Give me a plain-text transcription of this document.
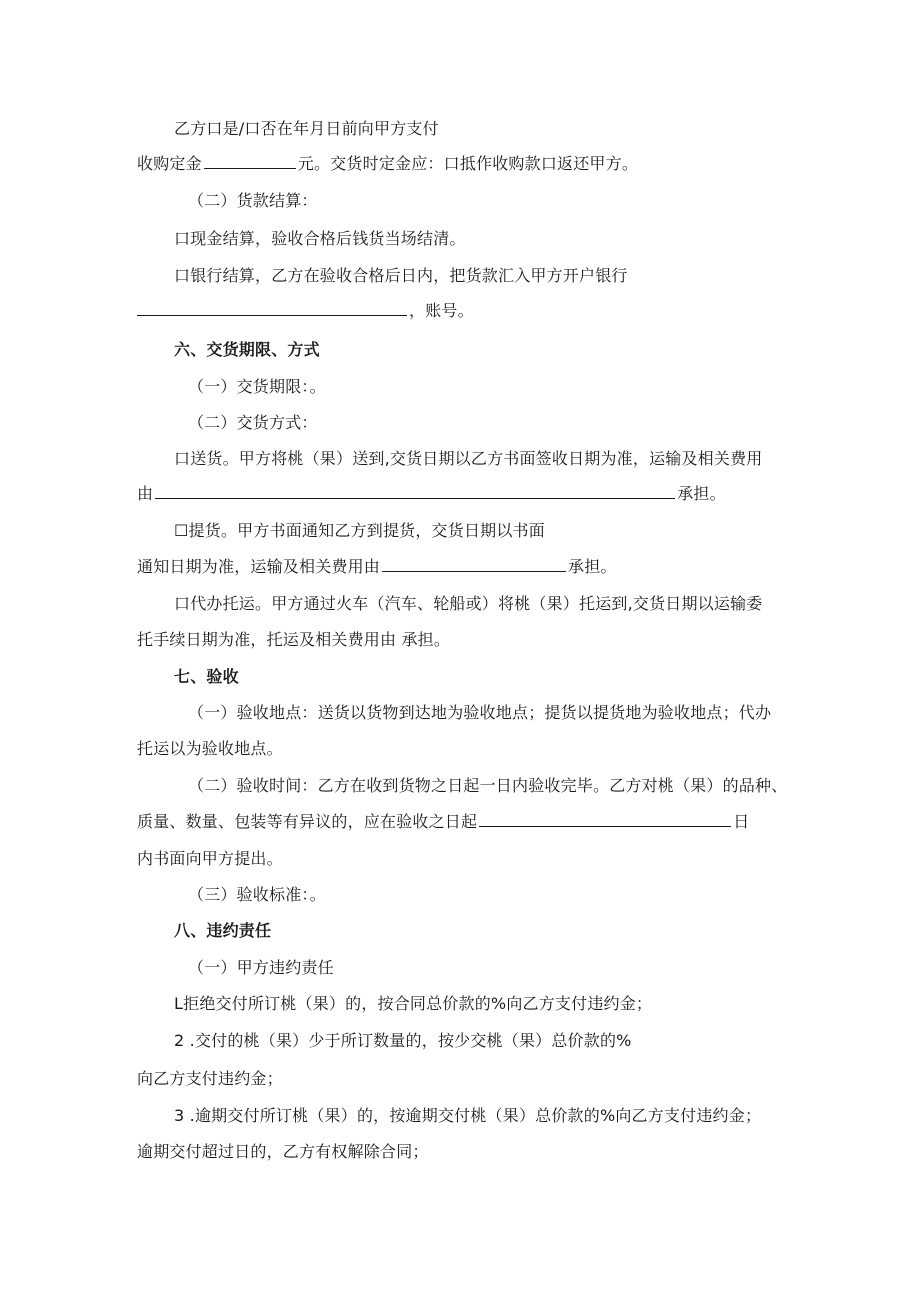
乙方口是/口否在年月日前向甲方支付
收购定金	元。交货时定金应：口抵作收购款口返还甲方。
（二）货款结算：
口现金结算，验收合格后钱货当场结清。
口银行结算，乙方在验收合格后日内，把货款汇入甲方开户银行
，账号。
六、交货期限、方式
（一）交货期限：。
（二）交货方式：
口送货。甲方将桃（果）送到,交货日期以乙方书面签收日期为准，运输及相关费用
由	承担。
☐提货。甲方书面通知乙方到提货，交货日期以书面
通知日期为准，运输及相关费用由	承担。
口代办托运。甲方通过火车（汽车、轮船或）将桃（果）托运到,交货日期以运输委
托手续日期为准，托运及相关费用由 承担。
七、验收
（一）验收地点：送货以货物到达地为验收地点；提货以提货地为验收地点；代办
托运以为验收地点。
（二）验收时间：乙方在收到货物之日起一日内验收完毕。乙方对桃（果）的品种、
质量、数量、包装等有异议的，应在验收之日起	日
内书面向甲方提出。
（三）验收标准：。
八、违约责任
（一）甲方违约责任
L拒绝交付所订桃（果）的，按合同总价款的%向乙方支付违约金；
2 .交付的桃（果）少于所订数量的，按少交桃（果）总价款的%
向乙方支付违约金；
3 .逾期交付所订桃（果）的，按逾期交付桃（果）总价款的%向乙方支付违约金；
逾期交付超过日的，乙方有权解除合同；
